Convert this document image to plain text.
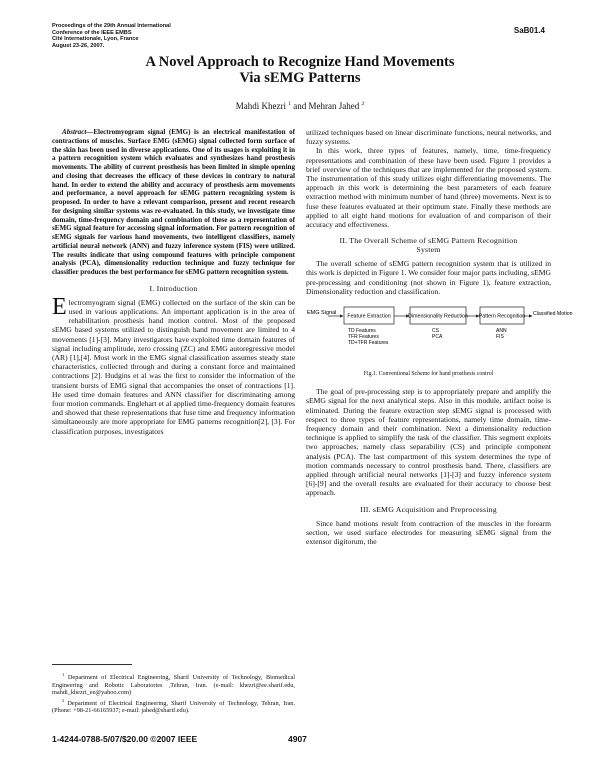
Proceedings of the 29th Annual International
Conference of the IEEE EMBS
Cité Internationale, Lyon, France
August 23-26, 2007.
SaB01.4
A Novel Approach to Recognize Hand Movements
Via sEMG Patterns
Mahdi Khezri $^1$ and Mehran Jahed $^2$

Abstract—Electromyogram signal (EMG) is an electrical manifestation of contractions of muscles. Surface EMG (sEMG) signal collected form surface of the skin has been used in diverse applications. One of its usages is exploiting it in a pattern recognition system which evaluates and synthesizes hand prosthesis movements. The ability of current prosthesis has been limited in simple opening and closing that decreases the efficacy of these devices in contrary to natural hand. In order to extend the ability and accuracy of prosthesis arm movements and performance, a novel approach for sEMG pattern recognizing system is proposed. In order to have a relevant comparison, present and recent research for designing similar systems was re-evaluated. In this study, we investigate time domain, time-frequency domain and combination of these as a representation of sEMG signal feature for accessing signal information. For pattern recognition of sEMG signals for various hand movements, two intelligent classifiers, namely artificial neural network (ANN) and fuzzy inference system (FIS) were utilized. The results indicate that using compound features with principle component analysis (PCA), dimensionality reduction technique and fuzzy technique for classifier produces the best performance for sEMG pattern recognition system.

I. Introduction

Electromyogram signal (EMG) collected on the surface of the skin can be used in various applications. An important application is in the area of rehabilitation prosthesis hand motion control. Most of the proposed sEMG based systems utilized to distinguish hand movement are limited to 4 movements [1]-[3]. Many investigators have exploited time domain features of signal including amplitude, zero crossing (ZC) and EMG autoregressive model (AR) [1],[4]. Most work in the EMG signal classification assumes steady state characteristics, collected through and during a constant force and maintained contractions [2]. Hudgins et al was the first to consider the information of the transient bursts of EMG signal that accompanies the onset of contractions [1]. He used time domain features and ANN classifier for discriminating among four motion commands. Englehart et al applied time-frequency domain features and showed that these representations that fuse time and frequency information simultaneously are more appropriate for EMG patterns recognition[2], [3]. For classification purposes, investigators

$^1$ Department of Electrical Engineering, Sharif University of Technology, Biomedical Engineering and Robotic Laboratories ,Tehran, Iran. (e-mail: khezri@ee.sharif.edu, mahdi_khezri_ee@yahoo.com)

$^2$ Department of Electrical Engineering, Sharif University of Technology, Tehran, Iran. (Phone: +98-21-66165937; e-mail: jahed@sharif.edu).

utilized techniques based on linear discriminate functions, neural networks, and fuzzy systems.

In this work, three types of features, namely, time, time-frequency representations and combination of these have been used. Figure 1 provides a brief overview of the techniques that are implemented for the proposed system. The instrumentation of this study utilizes eight differentiating movements. The approach in this work is determining the best parameters of each feature extraction method with minimum number of hand (three) movements. Next is to fuse these features evaluated at their optimum state. Finally these methods are applied to all eight hand motions for evaluation of and comparison of their accuracy and effectiveness.

II. The Overall Scheme of sEMG Pattern Recognition
System

The overall scheme of sEMG pattern recognition system that is utilized in this work is depicted in Figure 1. We consider four major parts including, sEMG pre-processing and conditioning (not shown in Figure 1), feature extraction, Dimensionality reduction and classification.

EMG Signal
Feature Extraction	Dimensionality Reduction Pattern Recognition Classified Motion
TD Features
TFR Features
TD+TFR Features
CS
PCA
ANN
FIS
Fig.1. Conventional Scheme for hand prosthesis control

The goal of pre-processing step is to appropriately prepare and amplify the sEMG signal for the next analytical steps. Also in this module, artifact noise is eliminated. During the feature extraction step sEMG signal is processed with respect to three types of feature representations, namely time domain, time-frequency domain and their combination. Next a dimensionality reduction technique is applied to simplify the task of the classifier. This segment exploits two approaches, namely class separability (CS) and principle component analysis (PCA). The last compartment of this system determines the type of motion commands necessary to control prosthesis hand. There, classifiers are applied through artificial neural networks [1]-[3] and fuzzy inference system [6]-[9] and the overall results are evaluated for their accuracy to choose best approach.

III. sEMG Acquisition and Preprocessing

Since hand motions result from contraction of the muscles in the forearm section, we used surface electrodes for measuring sEMG signal from the extensor digitorum, the

1-4244-0788-5/07/$20.00 ©2007 IEEE	4907
